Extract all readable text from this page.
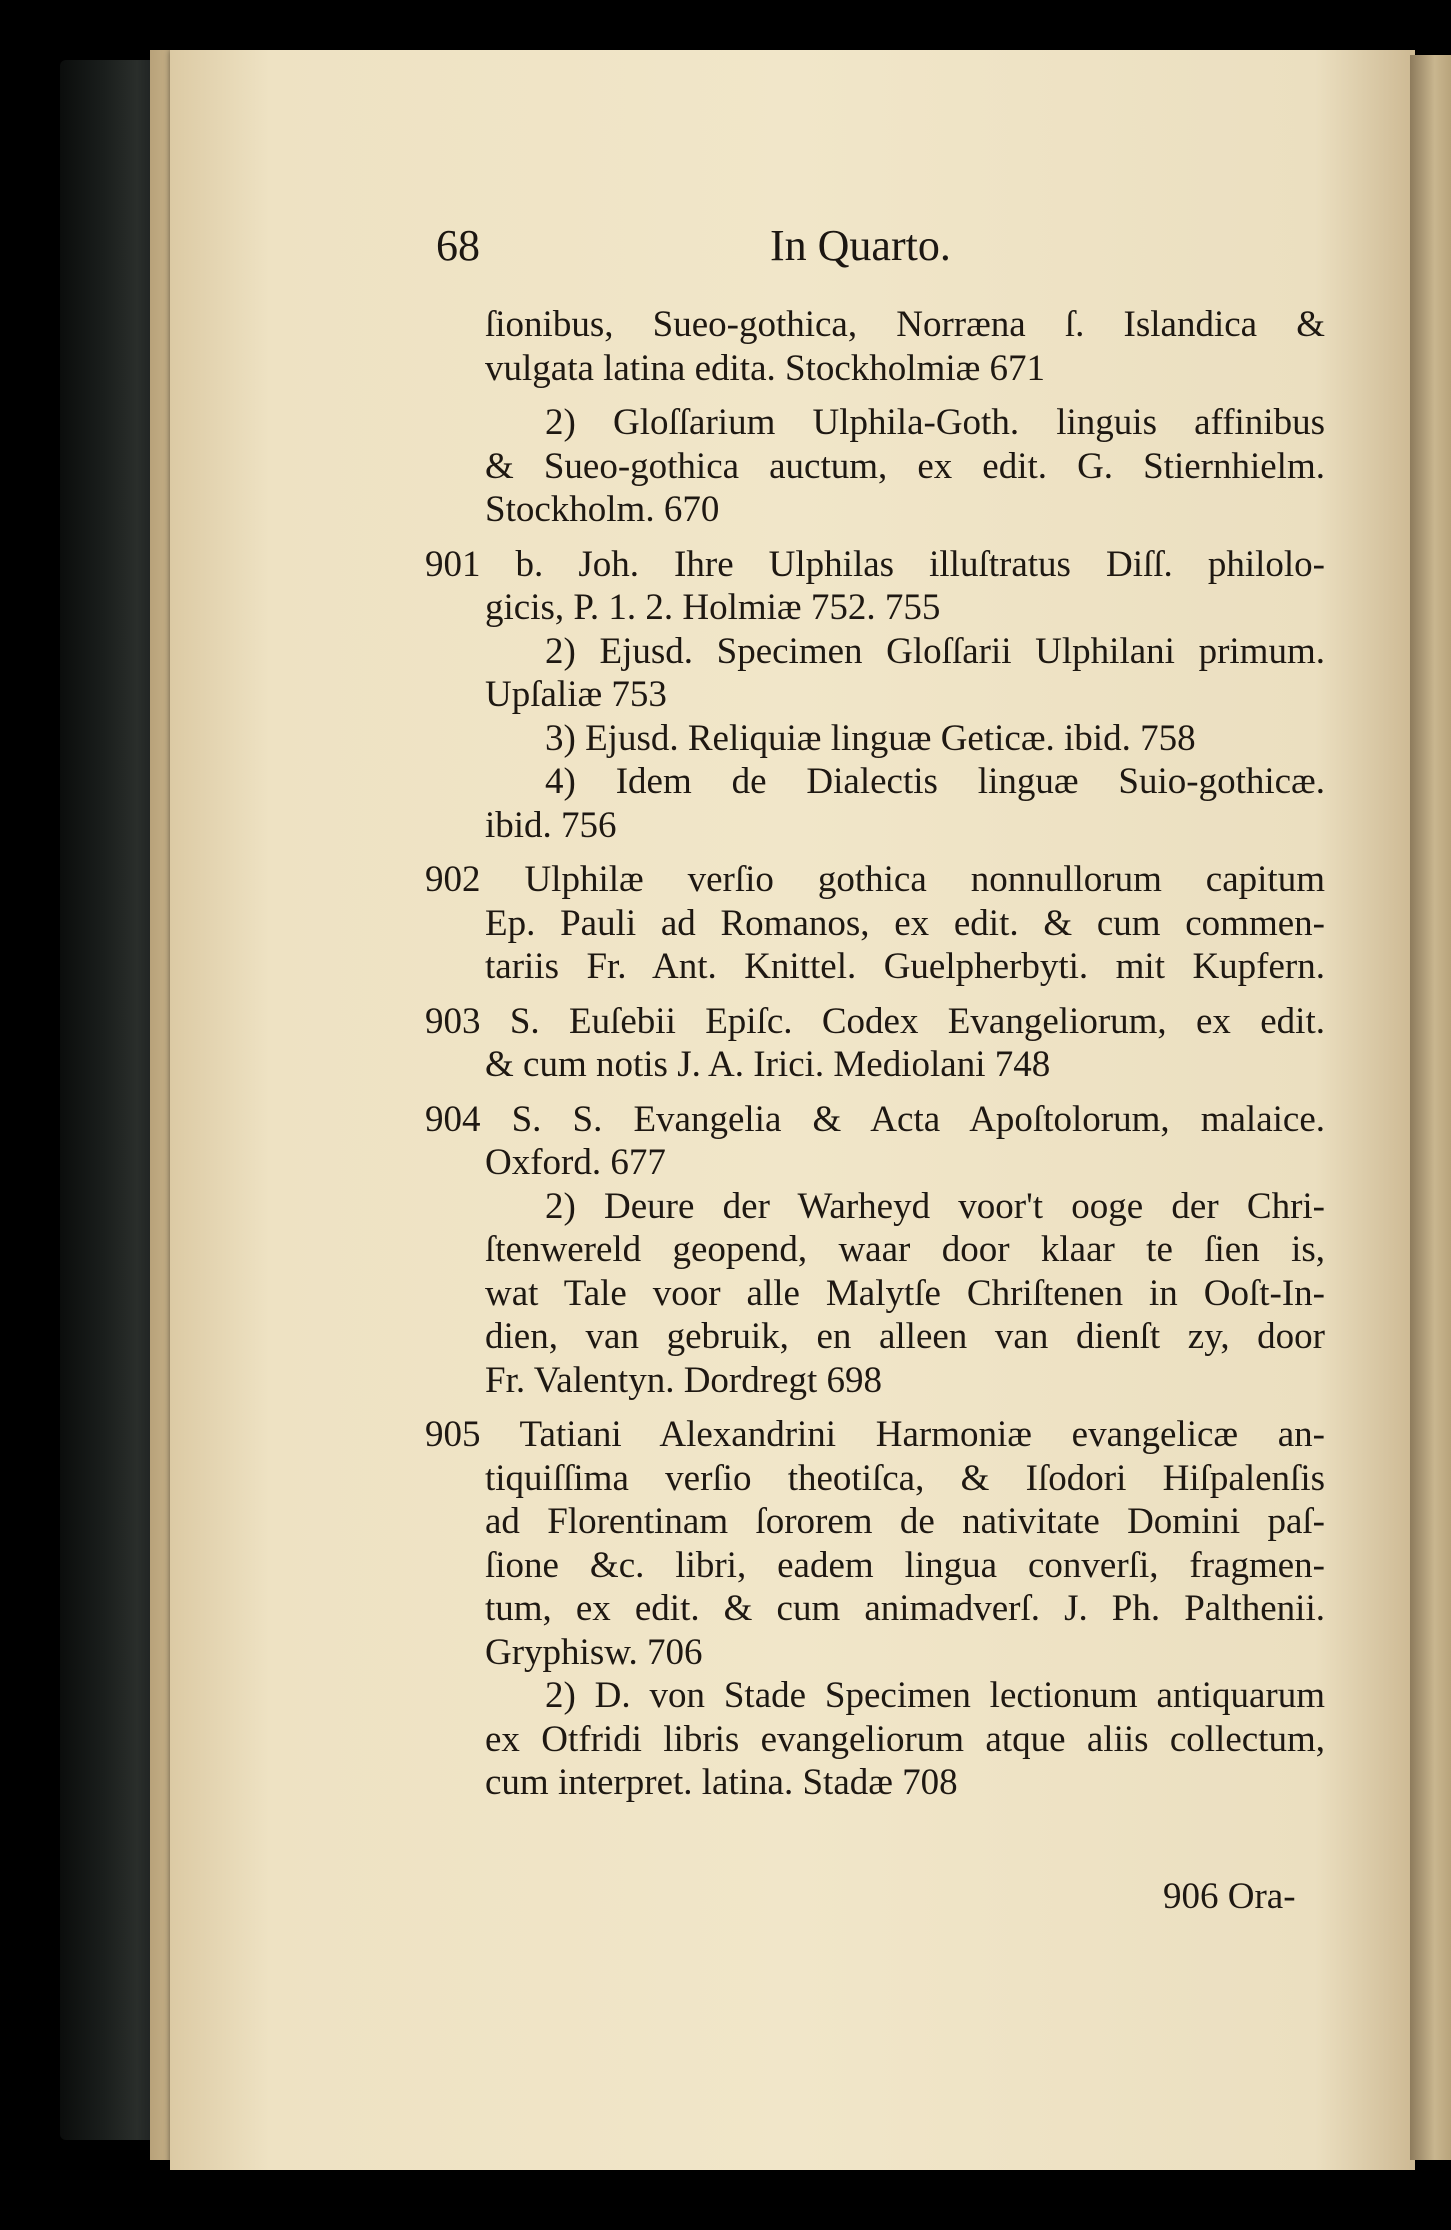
68	In Quarto.
ſionibus, Sueo-gothica, Norræna ſ. Islandica &
vulgata latina edita. Stockholmiæ 671
2) Gloſſarium Ulphila-Goth. linguis affinibus
& Sueo-gothica auctum, ex edit. G. Stiernhielm.
Stockholm. 670
901 b. Joh. Ihre Ulphilas illuſtratus Diſſ. philolo-
gicis, P. 1. 2. Holmiæ 752. 755
2) Ejusd. Specimen Gloſſarii Ulphilani primum.
Upſaliæ 753
3) Ejusd. Reliquiæ linguæ Geticæ. ibid. 758
4) Idem de Dialectis linguæ Suio-gothicæ.
ibid. 756
902 Ulphilæ verſio gothica nonnullorum capitum
Ep. Pauli ad Romanos, ex edit. & cum commen-
tariis Fr. Ant. Knittel. Guelpherbyti. mit Kupfern.
903 S. Euſebii Epiſc. Codex Evangeliorum, ex edit.
& cum notis J. A. Irici. Mediolani 748
904 S. S. Evangelia & Acta Apoſtolorum, malaice.
Oxford. 677
2) Deure der Warheyd voor't ooge der Chri-
ſtenwereld geopend, waar door klaar te ſien is,
wat Tale voor alle Malytſe Chriſtenen in Ooſt-In-
dien, van gebruik, en alleen van dienſt zy, door
Fr. Valentyn. Dordregt 698
905 Tatiani Alexandrini Harmoniæ evangelicæ an-
tiquiſſima verſio theotiſca, & Iſodori Hiſpalenſis
ad Florentinam ſororem de nativitate Domini paſ-
ſione &c. libri, eadem lingua converſi, fragmen-
tum, ex edit. & cum animadverſ. J. Ph. Palthenii.
Gryphisw. 706
2) D. von Stade Specimen lectionum antiquarum
ex Otfridi libris evangeliorum atque aliis collectum,
cum interpret. latina. Stadæ 708
906 Ora-
